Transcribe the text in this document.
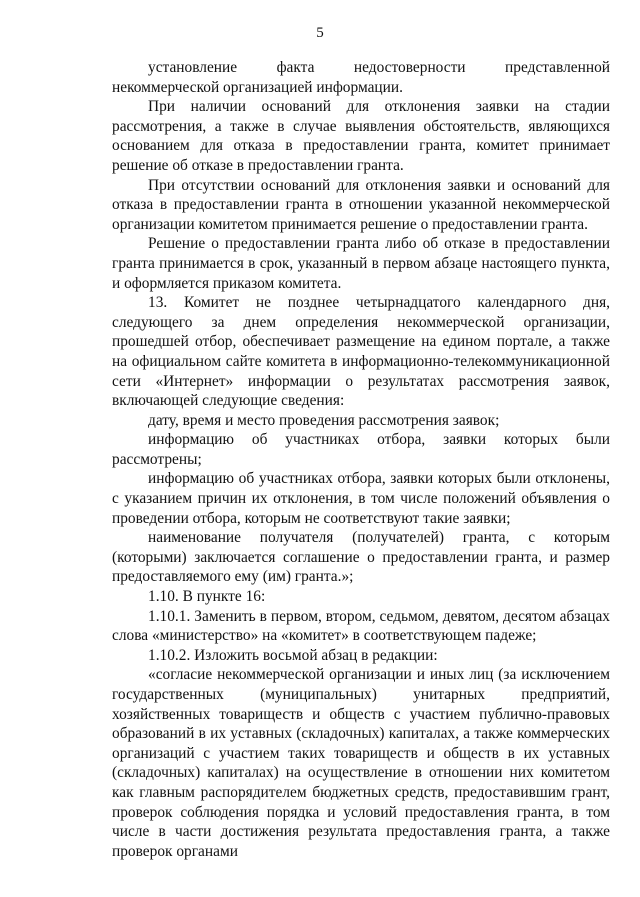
5

установление факта недостоверности представленной некоммерческой организацией информации.

При наличии оснований для отклонения заявки на стадии рассмотрения, а также в случае выявления обстоятельств, являющихся основанием для отказа в предоставлении гранта, комитет принимает решение об отказе в предоставлении гранта.

При отсутствии оснований для отклонения заявки и оснований для отказа в предоставлении гранта в отношении указанной некоммерческой организации комитетом принимается решение о предоставлении гранта.

Решение о предоставлении гранта либо об отказе в предоставлении гранта принимается в срок, указанный в первом абзаце настоящего пункта, и оформляется приказом комитета.

13. Комитет не позднее четырнадцатого календарного дня, следующего за днем определения некоммерческой организации, прошедшей отбор, обеспечивает размещение на едином портале, а также на официальном сайте комитета в информационно-телекоммуникационной сети «Интернет» информации о результатах рассмотрения заявок, включающей следующие сведения:

дату, время и место проведения рассмотрения заявок;

информацию об участниках отбора, заявки которых были рассмотрены;

информацию об участниках отбора, заявки которых были отклонены, с указанием причин их отклонения, в том числе положений объявления о проведении отбора, которым не соответствуют такие заявки;

наименование получателя (получателей) гранта, с которым (которыми) заключается соглашение о предоставлении гранта, и размер предоставляемого ему (им) гранта.»;

1.10. В пункте 16:

1.10.1. Заменить в первом, втором, седьмом, девятом, десятом абзацах слова «министерство» на «комитет» в соответствующем падеже;

1.10.2. Изложить восьмой абзац в редакции:

«согласие некоммерческой организации и иных лиц (за исключением государственных (муниципальных) унитарных предприятий, хозяйственных товариществ и обществ с участием публично-правовых образований в их уставных (складочных) капиталах, а также коммерческих организаций с участием таких товариществ и обществ в их уставных (складочных) капиталах) на осуществление в отношении них комитетом как главным распорядителем бюджетных средств, предоставившим грант, проверок соблюдения порядка и условий предоставления гранта, в том числе в части достижения результата предоставления гранта, а также проверок органами
